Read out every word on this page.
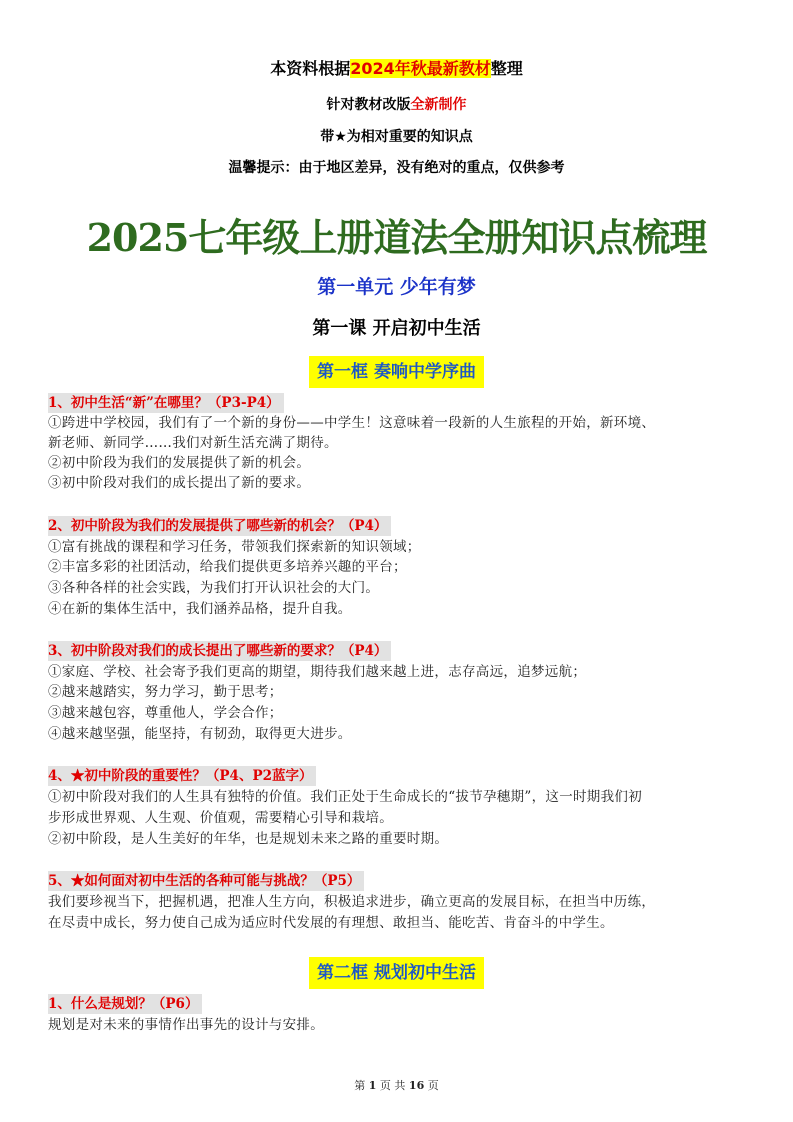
本资料根据2024年秋最新教材整理
针对教材改版全新制作
带★为相对重要的知识点
温馨提示：由于地区差异，没有绝对的重点，仅供参考
2025七年级上册道法全册知识点梳理
第一单元 少年有梦
第一课 开启初中生活
第一框 奏响中学序曲
1、初中生活“新”在哪里？（P3-P4）
①跨进中学校园，我们有了一个新的身份——中学生！这意味着一段新的人生旅程的开始，新环境、
新老师、新同学……我们对新生活充满了期待。
②初中阶段为我们的发展提供了新的机会。
③初中阶段对我们的成长提出了新的要求。
2、初中阶段为我们的发展提供了哪些新的机会？（P4）
①富有挑战的课程和学习任务，带领我们探索新的知识领域；
②丰富多彩的社团活动，给我们提供更多培养兴趣的平台；
③各种各样的社会实践，为我们打开认识社会的大门。
④在新的集体生活中，我们涵养品格，提升自我。
3、初中阶段对我们的成长提出了哪些新的要求？（P4）
①家庭、学校、社会寄予我们更高的期望，期待我们越来越上进，志存高远，追梦远航；
②越来越踏实，努力学习，勤于思考；
③越来越包容，尊重他人，学会合作；
④越来越坚强，能坚持，有韧劲，取得更大进步。
4、★初中阶段的重要性？（P4、P2蓝字）
①初中阶段对我们的人生具有独特的价值。我们正处于生命成长的“拔节孕穗期”，这一时期我们初
步形成世界观、人生观、价值观，需要精心引导和栽培。
②初中阶段，是人生美好的年华，也是规划未来之路的重要时期。
5、★如何面对初中生活的各种可能与挑战？（P5）
我们要珍视当下，把握机遇，把准人生方向，积极追求进步，确立更高的发展目标，在担当中历练，
在尽责中成长，努力使自己成为适应时代发展的有理想、敢担当、能吃苦、肯奋斗的中学生。
第二框 规划初中生活
1、什么是规划？（P6）
规划是对未来的事情作出事先的设计与安排。
第 1 页 共 16 页
